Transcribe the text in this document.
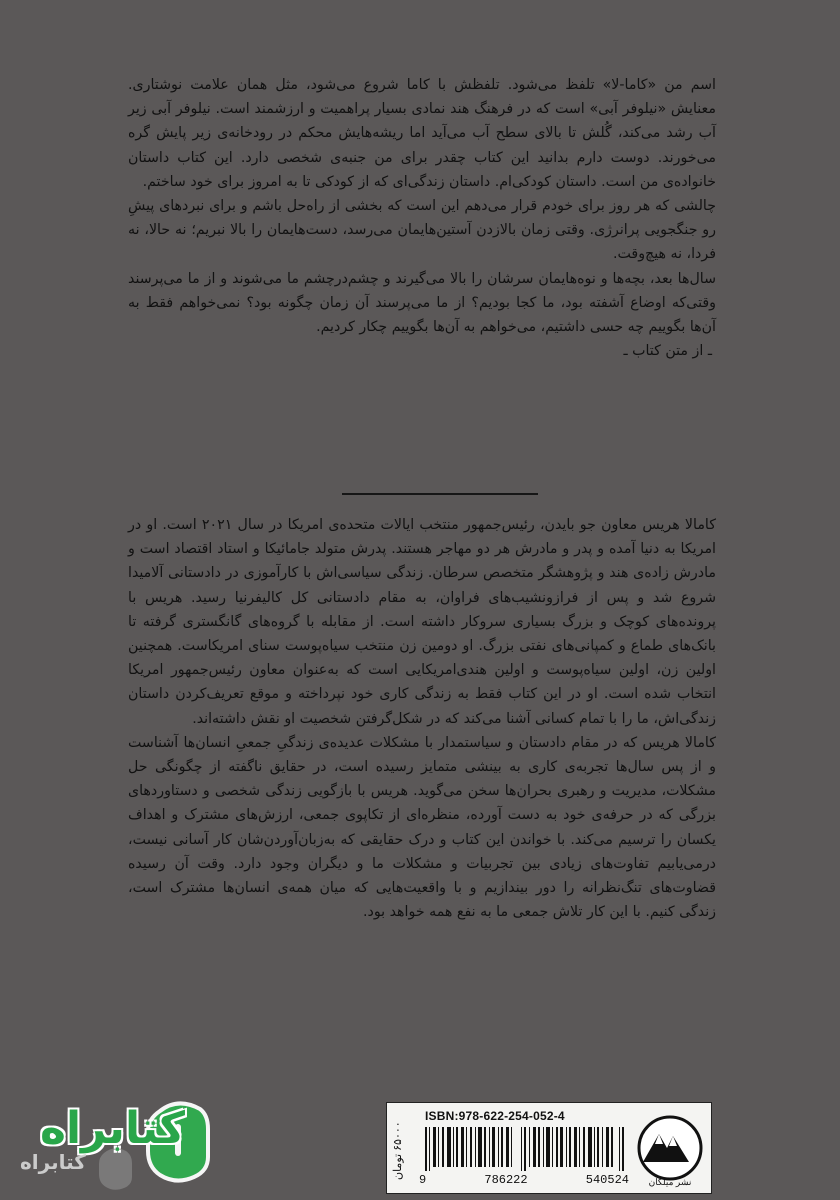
اسم من «کاما-لا» تلفظ می‌شود. تلفظش با کاما شروع می‌شود، مثل همان علامت نوشتاری. معنایش «نیلوفر آبی» است که در فرهنگ هند نمادی بسیار پراهمیت و ارزشمند است. نیلوفر آبی زیر آب رشد می‌کند، گُلش تا بالای سطح آب می‌آید اما ریشه‌هایش محکم در رودخانه‌ی زیر پایش گره می‌خورند. دوست دارم بدانید این کتاب چقدر برای من جنبه‌ی شخصی دارد. این کتاب داستان خانواده‌ی من است. داستان کودکی‌ام. داستان زندگی‌ای که از کودکی تا به امروز برای خود ساختم.

چالشی که هر روز برای خودم قرار می‌دهم این است که بخشی از راه‌حل باشم و برای نبردهای پیشِ رو جنگجویی پرانرژی. وقتی زمان بالازدن آستین‌هایمان می‌رسد، دست‌هایمان را بالا نبریم؛ نه حالا، نه فردا، نه هیچ‌وقت.

سال‌ها بعد، بچه‌ها و نوه‌هایمان سرشان را بالا می‌گیرند و چشم‌درچشم ما می‌شوند و از ما می‌پرسند وقتی‌که اوضاع آشفته بود، ما کجا بودیم؟ از ما می‌پرسند آن زمان چگونه بود؟ نمی‌خواهم فقط به آن‌ها بگوییم چه حسی داشتیم، می‌خواهم به آن‌ها بگوییم چکار کردیم.

ـ از متن کتاب ـ

کامالا هریس معاون جو بایدن، رئیس‌جمهور منتخب ایالات متحده‌ی امریکا در سال ۲۰۲۱ است. او در امریکا به دنیا آمده و پدر و مادرش هر دو مهاجر هستند. پدرش متولد جامائیکا و استاد اقتصاد است و مادرش زاده‌ی هند و پژوهشگر متخصص سرطان. زندگی سیاسی‌اش با کارآموزی در دادستانی آلامیدا شروع شد و پس از فرازونشیب‌های فراوان، به مقام دادستانی کل کالیفرنیا رسید. هریس با پرونده‌های کوچک و بزرگ بسیاری سروکار داشته است. از مقابله با گروه‌های گانگستری گرفته تا بانک‌های طماع و کمپانی‌های نفتی بزرگ. او دومین زن منتخب سیاه‌پوست سنای امریکاست. همچنین اولین زن، اولین سیاه‌پوست و اولین هندی‌امریکایی است که به‌عنوان معاون رئیس‌جمهور امریکا انتخاب شده است. او در این کتاب فقط به زندگی کاری خود نپرداخته و موقع تعریف‌کردن داستان زندگی‌اش، ما را با تمام کسانی آشنا می‌کند که در شکل‌گرفتن شخصیت او نقش داشته‌اند.

کامالا هریس که در مقام دادستان و سیاستمدار با مشکلات عدیده‌ی زندگیِ جمعیِ انسان‌ها آشناست و از پس سال‌ها تجربه‌ی کاری به بینشی متمایز رسیده است، در حقایق ناگفته از چگونگی حل مشکلات، مدیریت و رهبری بحران‌ها سخن می‌گوید. هریس با بازگویی زندگی شخصی و دستاوردهای بزرگی که در حرفه‌ی خود به دست آورده، منظره‌ای از تکاپوی جمعی، ارزش‌های مشترک و اهداف یکسان را ترسیم می‌کند. با خواندن این کتاب و درک حقایقی که به‌زبان‌آوردن‌شان کار آسانی نیست، درمی‌یابیم تفاوت‌های زیادی بین تجربیات و مشکلات ما و دیگران وجود دارد. وقت آن رسیده قضاوت‌های تنگ‌نظرانه را دور بیندازیم و با واقعیت‌هایی که میان همه‌ی انسان‌ها مشترک است، زندگی کنیم. با این کار تلاش جمعی ما به نفع همه خواهد بود.

۶۵۰۰۰ تومان
ISBN:978-622-254-052-4
9	786222	540524	نشر میلکان
کتابراه
کتابراه
